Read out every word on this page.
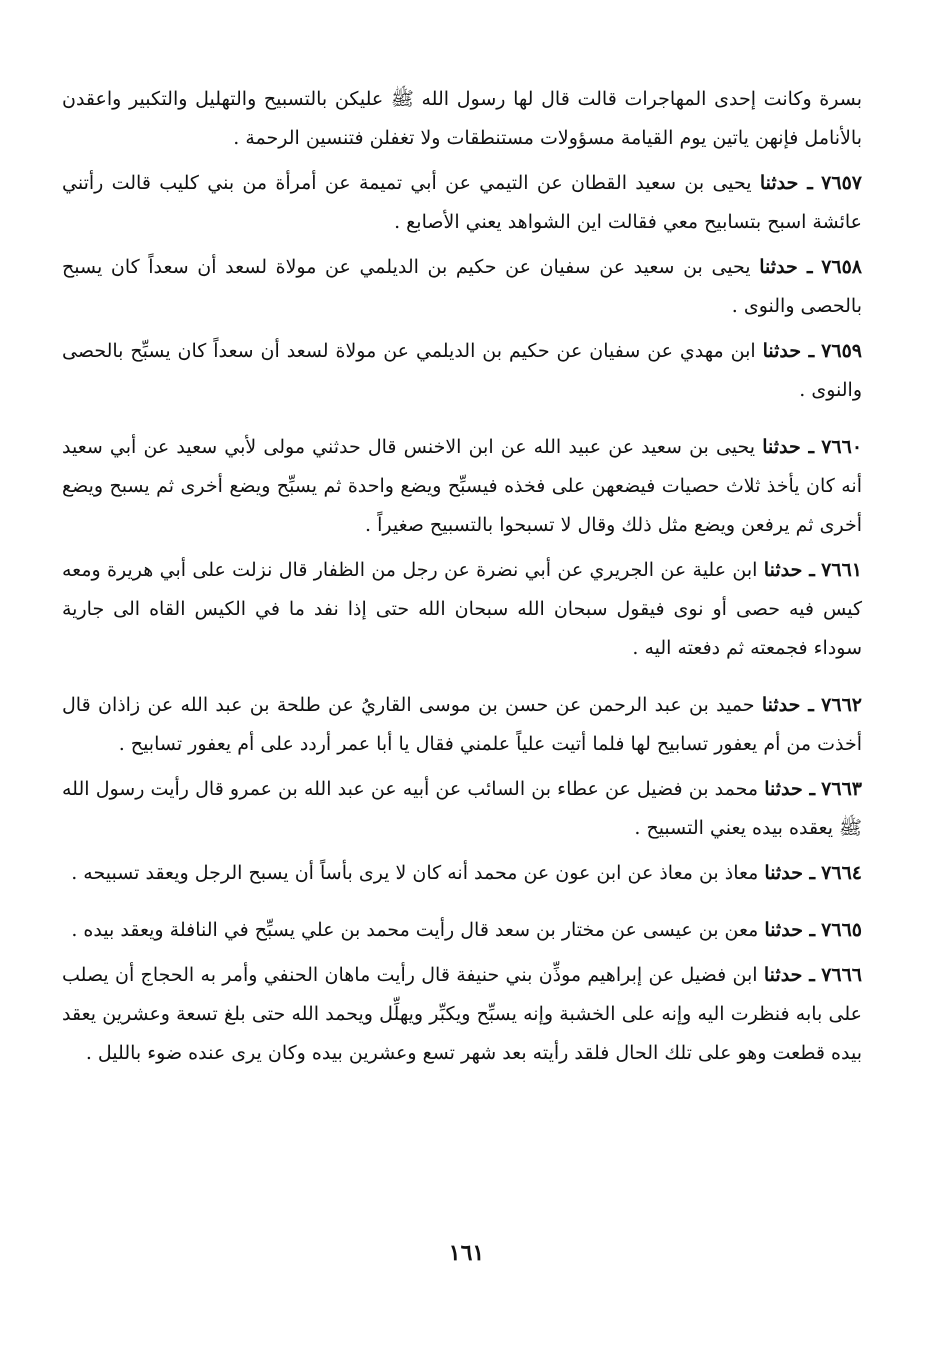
بسرة وكانت إحدى المهاجرات قالت قال لها رسول الله ﷺ عليكن بالتسبيح والتهليل والتكبير واعقدن بالأنامل فإنهن ياتين يوم القيامة مسؤولات مستنطقات ولا تغفلن فتنسين الرحمة .

٧٦٥٧ ـ حدثنا يحيى بن سعيد القطان عن التيمي عن أبي تميمة عن أمرأة من بني كليب قالت رأتني عائشة اسبح بتسابيح معي فقالت اين الشواهد يعني الأصابع .

٧٦٥٨ ـ حدثنا يحيى بن سعيد عن سفيان عن حكيم بن الديلمي عن مولاة لسعد أن سعداً كان يسبح بالحصى والنوى .

٧٦٥٩ ـ حدثنا ابن مهدي عن سفيان عن حكيم بن الديلمي عن مولاة لسعد أن سعداً كان يسبِّح بالحصى والنوى .

٧٦٦٠ ـ حدثنا يحيى بن سعيد عن عبيد الله عن ابن الاخنس قال حدثني مولى لأبي سعيد عن أبي سعيد أنه كان يأخذ ثلاث حصيات فيضعهن على فخذه فيسبِّح ويضع واحدة ثم يسبِّح ويضع أخرى ثم يسبح ويضع أخرى ثم يرفعن ويضع مثل ذلك وقال لا تسبحوا بالتسبيح صغيراً .

٧٦٦١ ـ حدثنا ابن علية عن الجريري عن أبي نضرة عن رجل من الظفار قال نزلت على أبي هريرة ومعه كيس فيه حصى أو نوى فيقول سبحان الله سبحان الله حتى إذا نفد ما في الكيس القاه الى جارية سوداء فجمعته ثم دفعته اليه .

٧٦٦٢ ـ حدثنا حميد بن عبد الرحمن عن حسن بن موسى القاريُ عن طلحة بن عبد الله عن زاذان قال أخذت من أم يعفور تسابيح لها فلما أتيت علياً علمني فقال يا أبا عمر أردد على أم يعفور تسابيح .

٧٦٦٣ ـ حدثنا محمد بن فضيل عن عطاء بن السائب عن أبيه عن عبد الله بن عمرو قال رأيت رسول الله ﷺ يعقده بيده يعني التسبيح .

٧٦٦٤ ـ حدثنا معاذ بن معاذ عن ابن عون عن محمد أنه كان لا يرى بأساً أن يسبح الرجل ويعقد تسبيحه .

٧٦٦٥ ـ حدثنا معن بن عيسى عن مختار بن سعد قال رأيت محمد بن علي يسبِّح في النافلة ويعقد بيده .

٧٦٦٦ ـ حدثنا ابن فضيل عن إبراهيم موذِّن بني حنيفة قال رأيت ماهان الحنفي وأمر به الحجاج أن يصلب على بابه فنظرت اليه وإنه على الخشبة وإنه يسبِّح ويكبِّر ويهلِّل ويحمد الله حتى بلغ تسعة وعشرين يعقد بيده قطعت وهو على تلك الحال فلقد رأيته بعد شهر تسع وعشرين بيده وكان يرى عنده ضوء بالليل .

١٦١
